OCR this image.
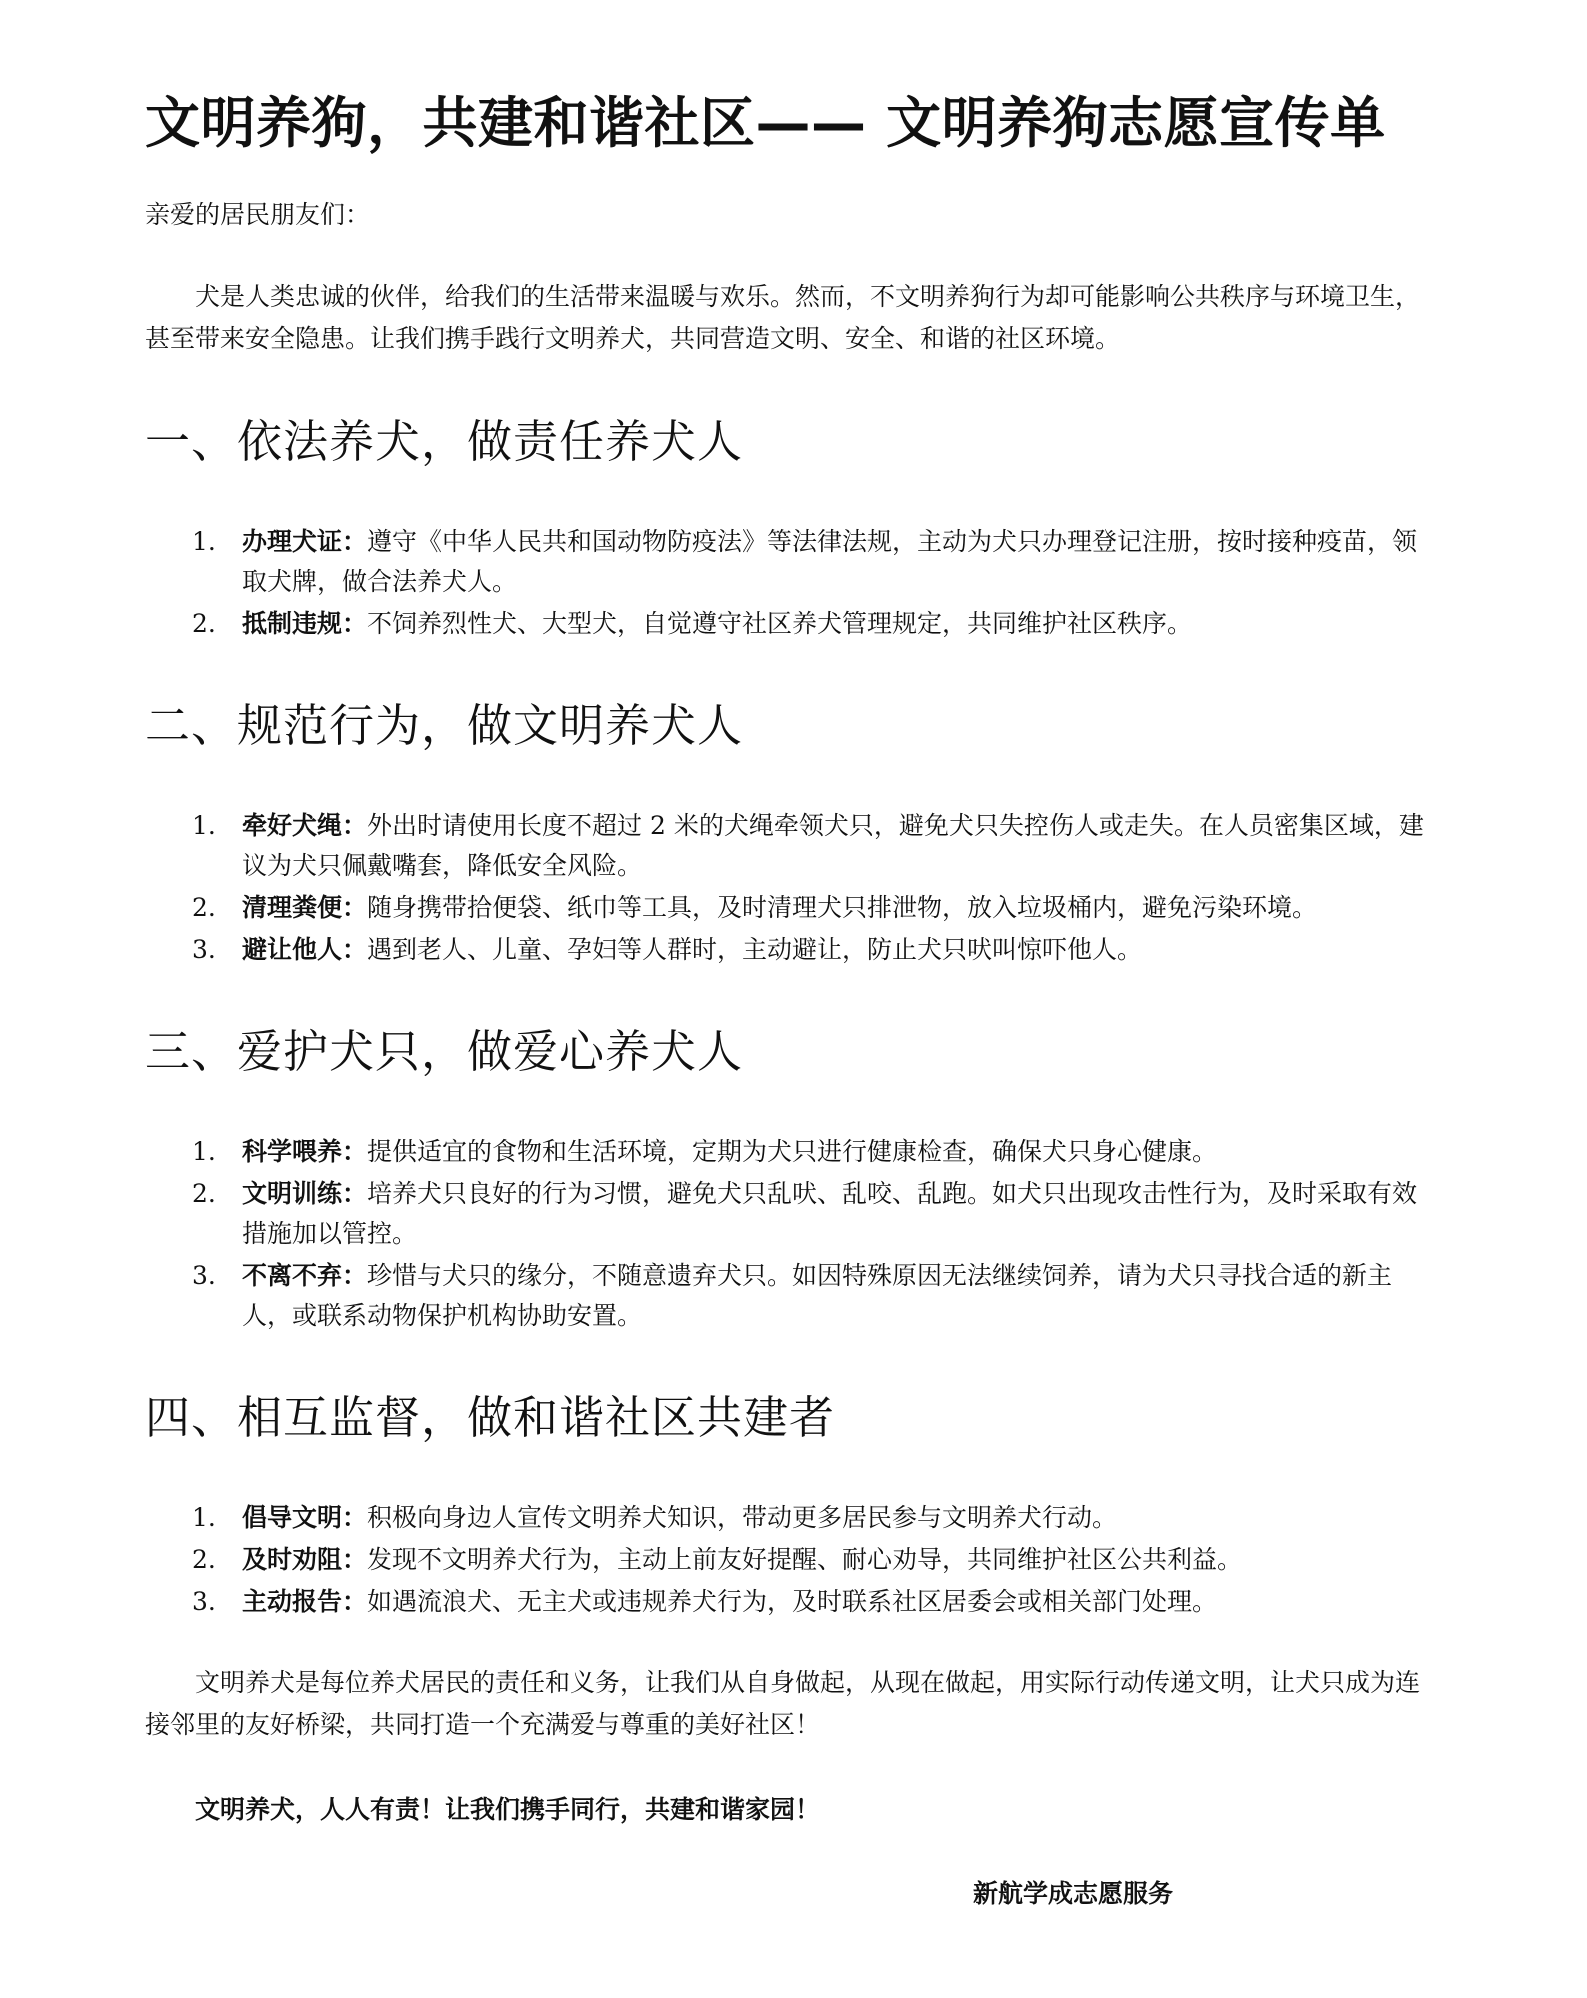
文明养狗，共建和谐社区—— 文明养狗志愿宣传单

亲爱的居民朋友们：

犬是人类忠诚的伙伴，给我们的生活带来温暖与欢乐。然而，不文明养狗行为却可能影响公共秩序与环境卫生，甚至带来安全隐患。让我们携手践行文明养犬，共同营造文明、安全、和谐的社区环境。

一、依法养犬，做责任养犬人
1. 办理犬证：遵守《中华人民共和国动物防疫法》等法律法规，主动为犬只办理登记注册，按时接种疫苗，领取犬牌，做合法养犬人。
2. 抵制违规：不饲养烈性犬、大型犬，自觉遵守社区养犬管理规定，共同维护社区秩序。
二、规范行为，做文明养犬人
1. 牵好犬绳：外出时请使用长度不超过 2 米的犬绳牵领犬只，避免犬只失控伤人或走失。在人员密集区域，建议为犬只佩戴嘴套，降低安全风险。
2. 清理粪便：随身携带拾便袋、纸巾等工具，及时清理犬只排泄物，放入垃圾桶内，避免污染环境。
3. 避让他人：遇到老人、儿童、孕妇等人群时，主动避让，防止犬只吠叫惊吓他人。
三、爱护犬只，做爱心养犬人
1. 科学喂养：提供适宜的食物和生活环境，定期为犬只进行健康检查，确保犬只身心健康。
2. 文明训练：培养犬只良好的行为习惯，避免犬只乱吠、乱咬、乱跑。如犬只出现攻击性行为，及时采取有效措施加以管控。
3. 不离不弃：珍惜与犬只的缘分，不随意遗弃犬只。如因特殊原因无法继续饲养，请为犬只寻找合适的新主人，或联系动物保护机构协助安置。
四、相互监督，做和谐社区共建者
1. 倡导文明：积极向身边人宣传文明养犬知识，带动更多居民参与文明养犬行动。
2. 及时劝阻：发现不文明养犬行为，主动上前友好提醒、耐心劝导，共同维护社区公共利益。
3. 主动报告：如遇流浪犬、无主犬或违规养犬行为，及时联系社区居委会或相关部门处理。

文明养犬是每位养犬居民的责任和义务，让我们从自身做起，从现在做起，用实际行动传递文明，让犬只成为连接邻里的友好桥梁，共同打造一个充满爱与尊重的美好社区！

文明养犬，人人有责！让我们携手同行，共建和谐家园！

新航学成志愿服务
